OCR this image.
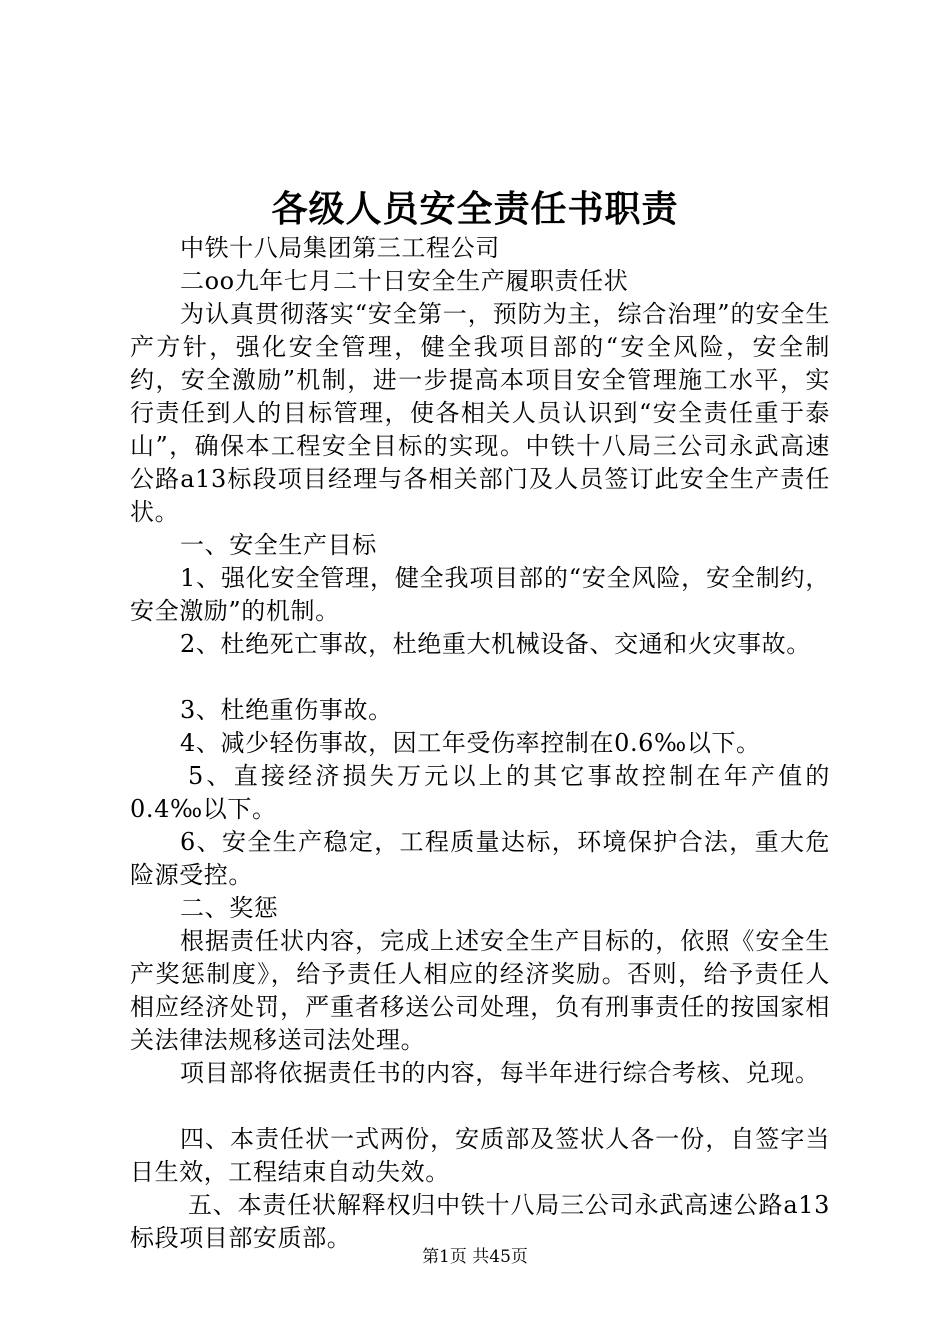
各级人员安全责任书职责

中铁十八局集团第三工程公司

二oo九年七月二十日安全生产履职责任状

为认真贯彻落实“安全第一，预防为主，综合治理”的安全生产方针，强化安全管理，健全我项目部的“安全风险，安全制约，安全激励”机制，进一步提高本项目安全管理施工水平，实行责任到人的目标管理，使各相关人员认识到“安全责任重于泰山”，确保本工程安全目标的实现。中铁十八局三公司永武高速公路a13标段项目经理与各相关部门及人员签订此安全生产责任状。

一、安全生产目标

1、强化安全管理，健全我项目部的“安全风险，安全制约，安全激励”的机制。

2、杜绝死亡事故，杜绝重大机械设备、交通和火灾事故。

3、杜绝重伤事故。

4、减少轻伤事故，因工年受伤率控制在0.6‰以下。

5、直接经济损失万元以上的其它事故控制在年产值的0.4‰以下。

6、安全生产稳定，工程质量达标，环境保护合法，重大危险源受控。

二、奖惩

根据责任状内容，完成上述安全生产目标的，依照《安全生产奖惩制度》，给予责任人相应的经济奖励。否则，给予责任人相应经济处罚，严重者移送公司处理，负有刑事责任的按国家相关法律法规移送司法处理。

项目部将依据责任书的内容，每半年进行综合考核、兑现。

四、本责任状一式两份，安质部及签状人各一份，自签字当日生效，工程结束自动失效。

五、本责任状解释权归中铁十八局三公司永武高速公路a13标段项目部安质部。

第1页 共45页
